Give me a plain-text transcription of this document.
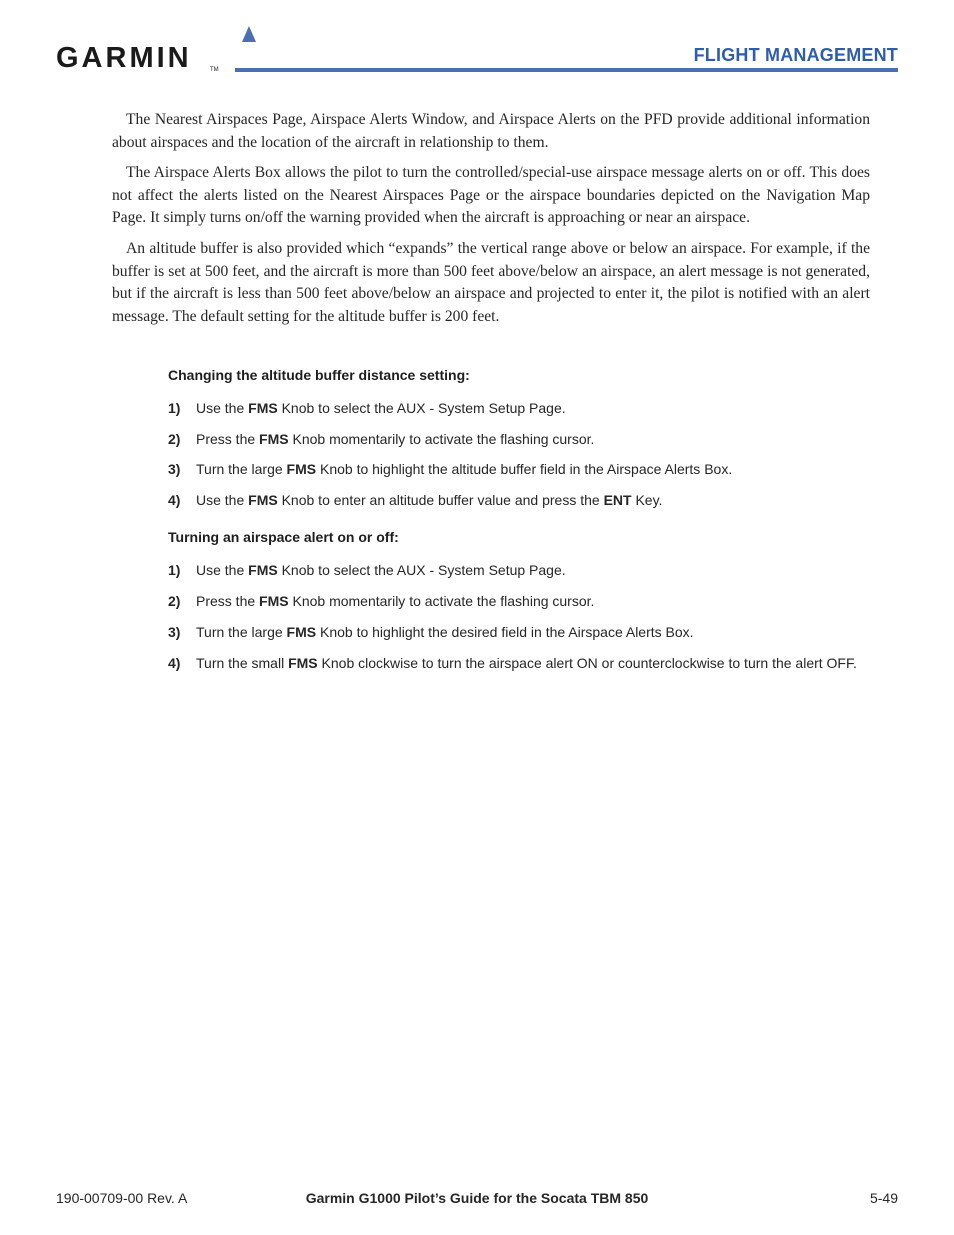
GARMIN	TM
FLIGHT MANAGEMENT

The Nearest Airspaces Page, Airspace Alerts Window, and Airspace Alerts on the PFD provide additional information about airspaces and the location of the aircraft in relationship to them.

The Airspace Alerts Box allows the pilot to turn the controlled/special-use airspace message alerts on or off. This does not affect the alerts listed on the Nearest Airspaces Page or the airspace boundaries depicted on the Navigation Map Page. It simply turns on/off the warning provided when the aircraft is approaching or near an airspace.

An altitude buffer is also provided which “expands” the vertical range above or below an airspace. For example, if the buffer is set at 500 feet, and the aircraft is more than 500 feet above/below an airspace, an alert message is not generated, but if the aircraft is less than 500 feet above/below an airspace and projected to enter it, the pilot is notified with an alert message. The default setting for the altitude buffer is 200 feet.

Changing the altitude buffer distance setting:
1) Use the FMS Knob to select the AUX - System Setup Page.
2) Press the FMS Knob momentarily to activate the flashing cursor.
3) Turn the large FMS Knob to highlight the altitude buffer field in the Airspace Alerts Box.
4) Use the FMS Knob to enter an altitude buffer value and press the ENT Key.
Turning an airspace alert on or off:
1) Use the FMS Knob to select the AUX - System Setup Page.
2) Press the FMS Knob momentarily to activate the flashing cursor.
3) Turn the large FMS Knob to highlight the desired field in the Airspace Alerts Box.
4) Turn the small FMS Knob clockwise to turn the airspace alert ON or counterclockwise to turn the alert OFF.
190-00709-00 Rev. A	Garmin G1000 Pilot’s Guide for the Socata TBM 850	5-49
